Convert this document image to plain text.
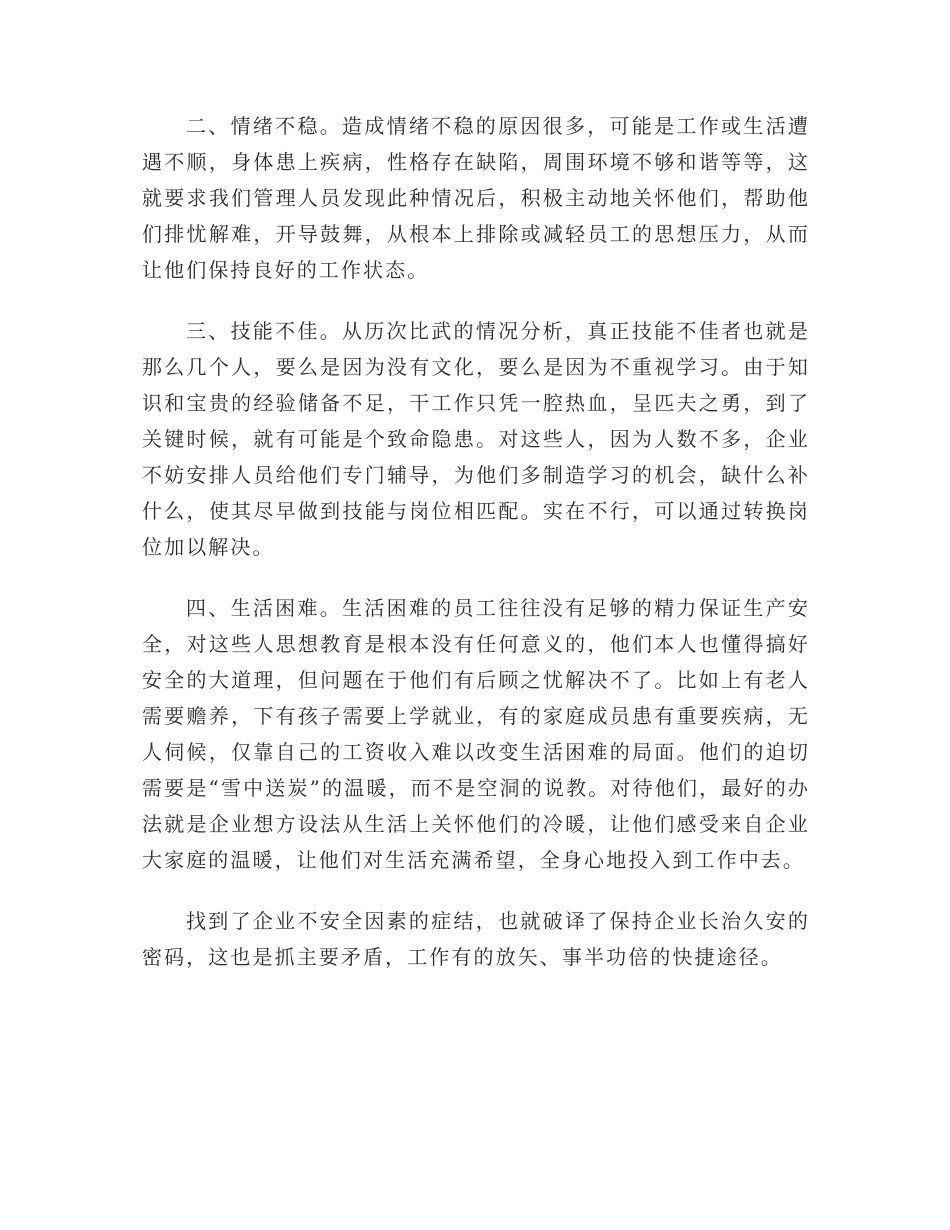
二、情绪不稳。造成情绪不稳的原因很多，可能是工作或生活遭遇不顺，身体患上疾病，性格存在缺陷，周围环境不够和谐等等，这就要求我们管理人员发现此种情况后，积极主动地关怀他们，帮助他们排忧解难，开导鼓舞，从根本上排除或减轻员工的思想压力，从而让他们保持良好的工作状态。

三、技能不佳。从历次比武的情况分析，真正技能不佳者也就是那么几个人，要么是因为没有文化，要么是因为不重视学习。由于知识和宝贵的经验储备不足，干工作只凭一腔热血，呈匹夫之勇，到了关键时候，就有可能是个致命隐患。对这些人，因为人数不多，企业不妨安排人员给他们专门辅导，为他们多制造学习的机会，缺什么补什么，使其尽早做到技能与岗位相匹配。实在不行，可以通过转换岗位加以解决。

四、生活困难。生活困难的员工往往没有足够的精力保证生产安全，对这些人思想教育是根本没有任何意义的，他们本人也懂得搞好安全的大道理，但问题在于他们有后顾之忧解决不了。比如上有老人需要赡养，下有孩子需要上学就业，有的家庭成员患有重要疾病，无人伺候，仅靠自己的工资收入难以改变生活困难的局面。他们的迫切需要是“雪中送炭”的温暖，而不是空洞的说教。对待他们，最好的办法就是企业想方设法从生活上关怀他们的冷暖，让他们感受来自企业大家庭的温暖，让他们对生活充满希望，全身心地投入到工作中去。

找到了企业不安全因素的症结，也就破译了保持企业长治久安的密码，这也是抓主要矛盾，工作有的放矢、事半功倍的快捷途径。
